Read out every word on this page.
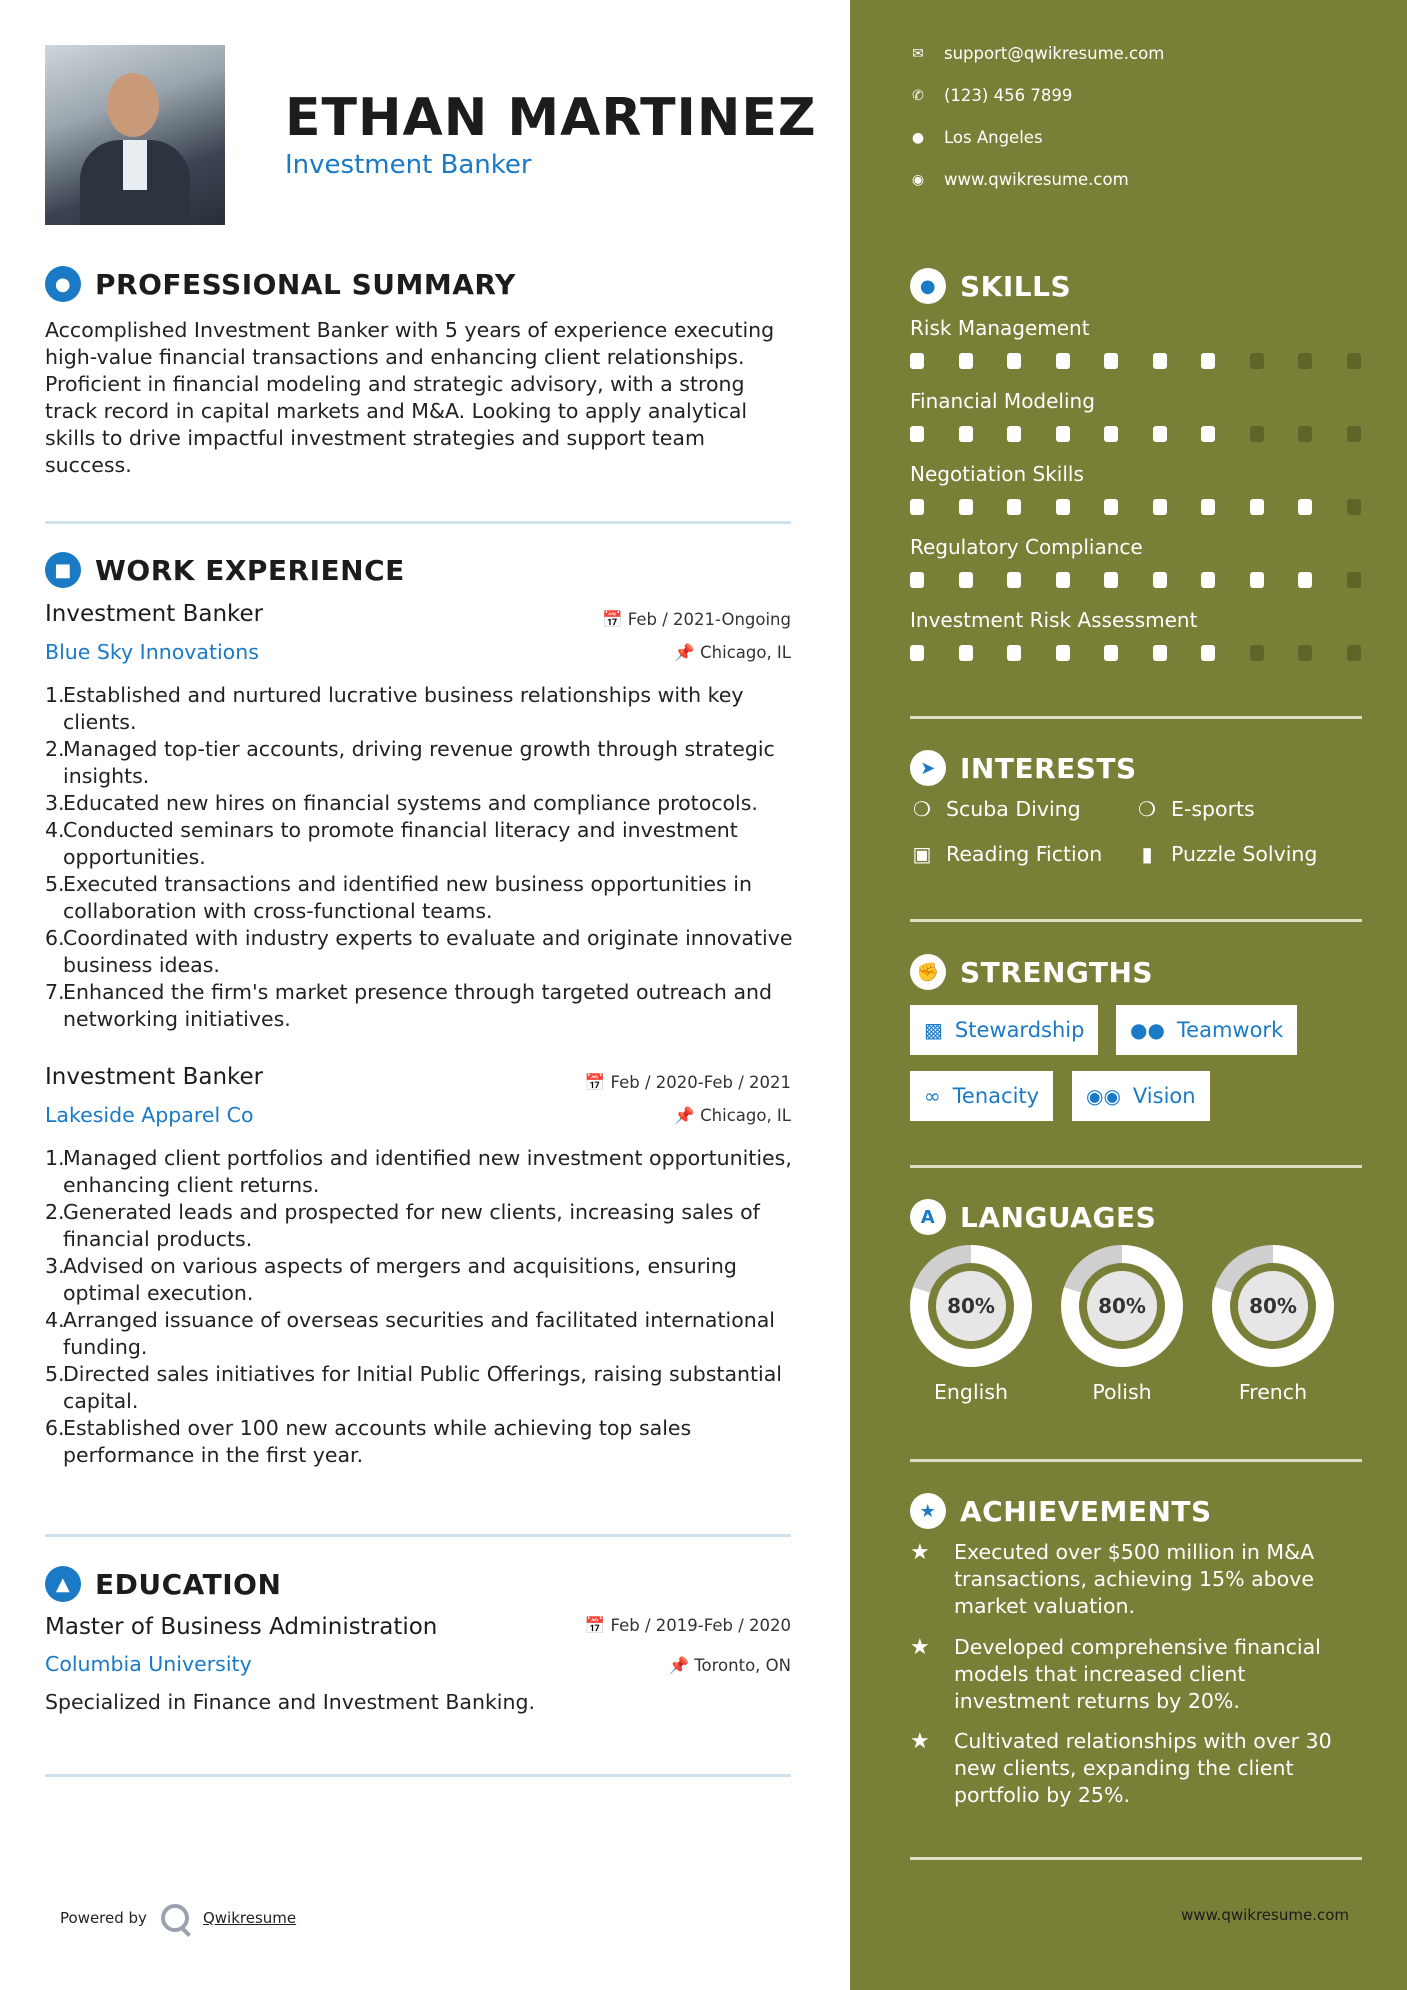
ETHAN MARTINEZ
Investment Banker
● PROFESSIONAL SUMMARY
Accomplished Investment Banker with 5 years of experience executing high-value financial transactions and enhancing client relationships. Proficient in financial modeling and strategic advisory, with a strong track record in capital markets and M&A. Looking to apply analytical skills to drive impactful investment strategies and support team success.
■ WORK EXPERIENCE
Investment Banker	📅 Feb / 2021-Ongoing
Blue Sky Innovations	📌 Chicago, IL
1.
Established and nurtured lucrative business relationships with key clients.
2.
Managed top-tier accounts, driving revenue growth through strategic insights.
3.
Educated new hires on financial systems and compliance protocols.
4.
Conducted seminars to promote financial literacy and investment opportunities.
5.
Executed transactions and identified new business opportunities in collaboration with cross-functional teams.
6.
Coordinated with industry experts to evaluate and originate innovative business ideas.
7.
Enhanced the firm's market presence through targeted outreach and networking initiatives.
Investment Banker	📅 Feb / 2020-Feb / 2021
Lakeside Apparel Co	📌 Chicago, IL
1.
Managed client portfolios and identified new investment opportunities, enhancing client returns.
2.
Generated leads and prospected for new clients, increasing sales of financial products.
3.
Advised on various aspects of mergers and acquisitions, ensuring optimal execution.
4.
Arranged issuance of overseas securities and facilitated international funding.
5.
Directed sales initiatives for Initial Public Offerings, raising substantial capital.
6.
Established over 100 new accounts while achieving top sales performance in the first year.
▲ EDUCATION
Master of Business Administration	📅 Feb / 2019-Feb / 2020
Columbia University	📌 Toronto, ON
Specialized in Finance and Investment Banking.
Powered by	Qwikresume
✉ support@qwikresume.com
✆ (123) 456 7899
● Los Angeles
◉ www.qwikresume.com
● SKILLS
Risk Management
Financial Modeling
Negotiation Skills
Regulatory Compliance
Investment Risk Assessment
➤ INTERESTS
❍ Scuba Diving	❍ E-sports
▣ Reading Fiction	▮ Puzzle Solving
✊ STRENGTHS
▩ Stewardship ●● Teamwork
∞ Tenacity ◉◉ Vision
A LANGUAGES
80%
English
80%
Polish
80%
French
★ ACHIEVEMENTS
★	Executed over $500 million in M&A transactions, achieving 15% above market valuation.
★	Developed comprehensive financial models that increased client investment returns by 20%.
★	Cultivated relationships with over 30 new clients, expanding the client portfolio by 25%.
www.qwikresume.com
